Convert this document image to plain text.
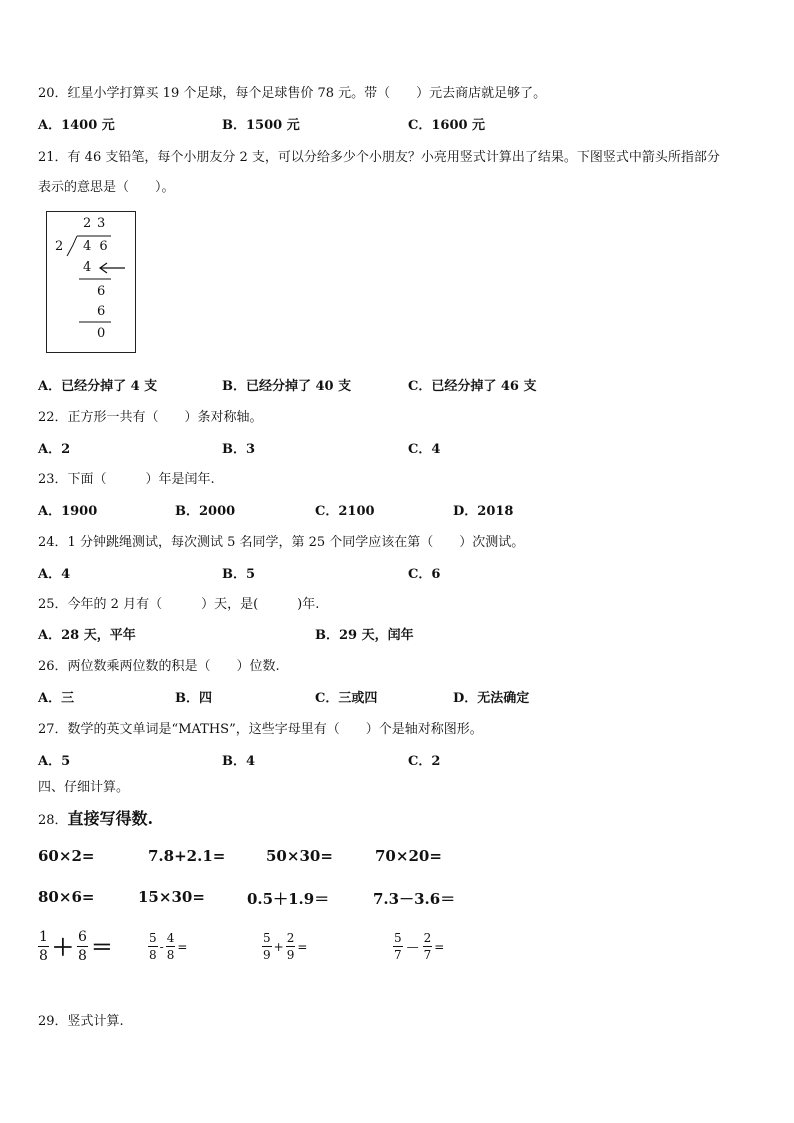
20．红星小学打算买 19 个足球，每个足球售价 78 元。带（　　）元去商店就足够了。
A．1400 元	B．1500 元	C．1600 元
21．有 46 支铅笔，每个小朋友分 2 支，可以分给多少个小朋友？小亮用竖式计算出了结果。下图竖式中箭头所指部分
表示的意思是（　　）。
2 3
2 4 6
4
6
6
0
A．已经分掉了 4 支	B．已经分掉了 40 支	C．已经分掉了 46 支
22．正方形一共有（　　）条对称轴。
A．2	B．3	C．4
23．下面（　　　）年是闰年.
A．1900	B．2000	C．2100	D．2018
24．1 分钟跳绳测试，每次测试 5 名同学，第 25 个同学应该在第（　　）次测试。
A．4	B．5	C．6
25．今年的 2 月有（　　　）天，是(　　　)年.
A．28 天，平年	B．29 天，闰年
26．两位数乘两位数的积是（　　）位数.
A．三	B．四	C．三或四	D．无法确定
27．数学的英文单词是“MATHS”，这些字母里有（　　）个是轴对称图形。
A．5	B．4	C．2
四、仔细计算。
28． 直接写得数.
60×2=	7.8+2.1=	50×30=	70×20=
80×6=	15×30=	0.5＋1.9＝	7.3－3.6＝
$\frac{1}{8} + \frac{6}{8}$ ＝	$\frac{5}{8} - \frac{4}{8}$ =	$\frac{5}{9} + \frac{2}{9}$ =	$\frac{5}{7}$ — $\frac{2}{7}$ =
29．竖式计算.
